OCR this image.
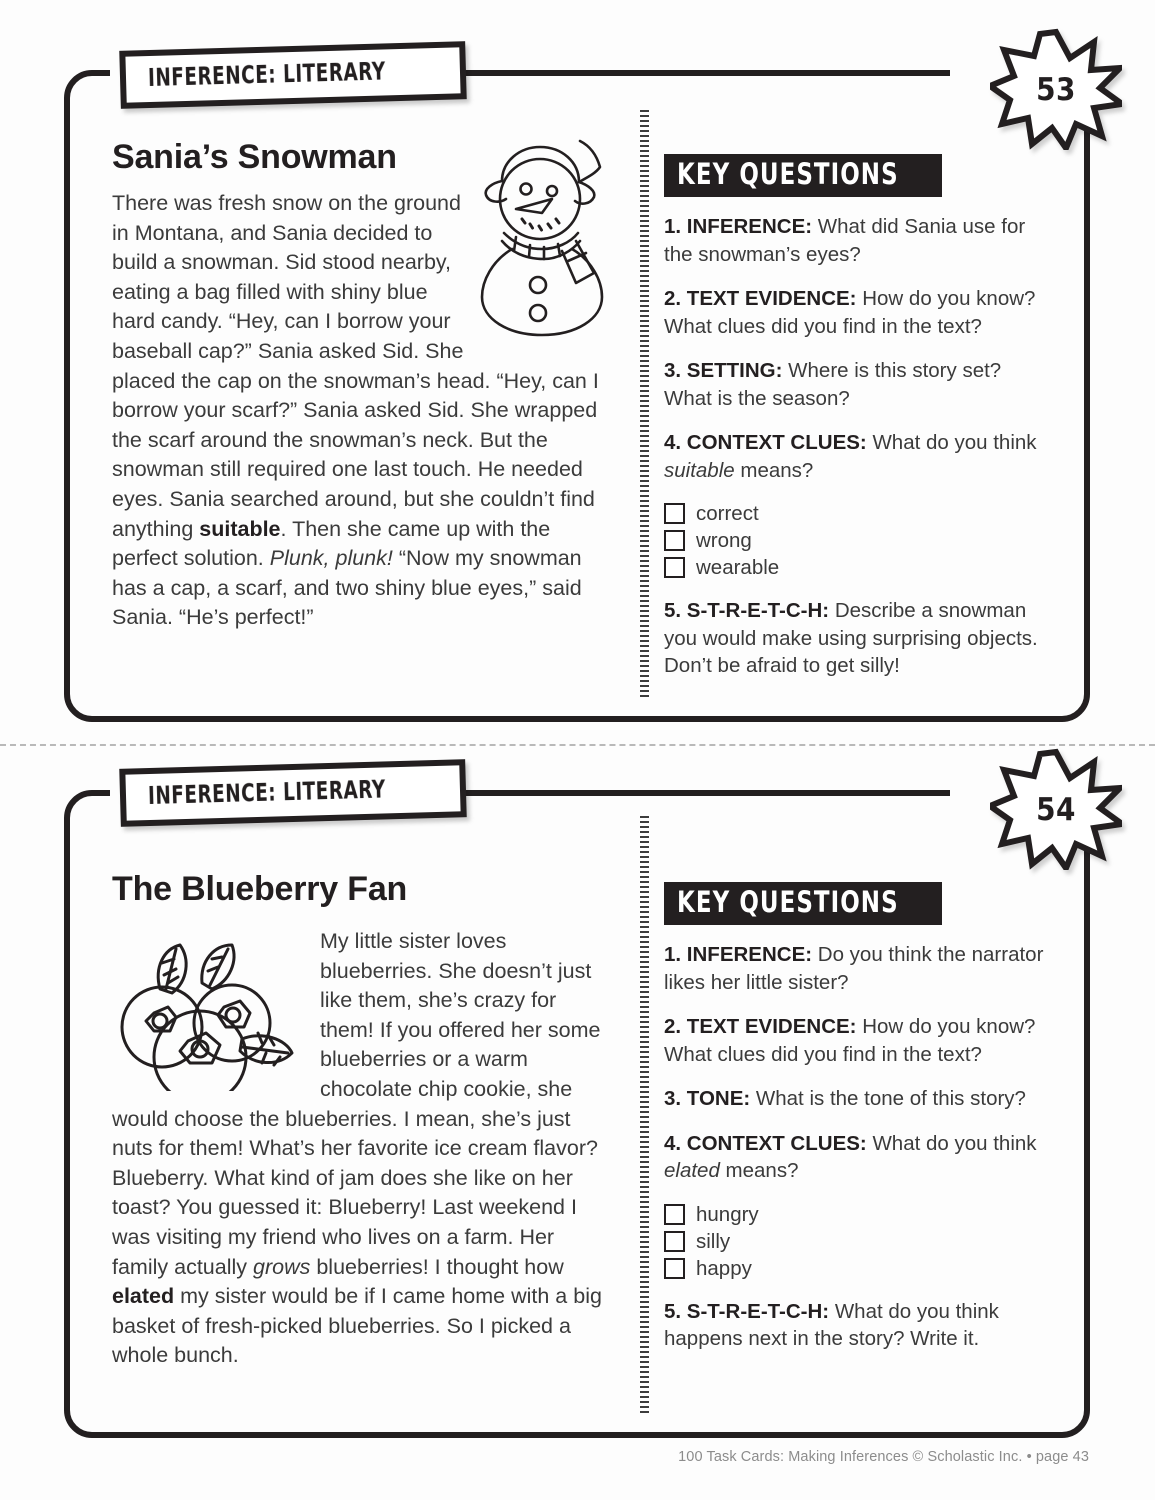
INFERENCE: LITERARY	53
Sania’s Snowman

There was fresh snow on the ground in Montana, and Sania decided to build a snowman. Sid stood nearby, eating a bag filled with shiny blue hard candy. “Hey, can I borrow your baseball cap?” Sania asked Sid. She placed the cap on the snowman’s head. “Hey, can I borrow your scarf?” Sania asked Sid. She wrapped the scarf around the snowman’s neck. But the snowman still required one last touch. He needed eyes. Sania searched around, but she couldn’t find anything suitable. Then she came up with the perfect solution. Plunk, plunk! “Now my snowman has a cap, a scarf, and two shiny blue eyes,” said Sania. “He’s perfect!”

KEY QUESTIONS

1. INFERENCE: What did Sania use for the snowman’s eyes?

2. TEXT EVIDENCE: How do you know? What clues did you find in the text?

3. SETTING: Where is this story set? What is the season?

4. CONTEXT CLUES: What do you think suitable means?

correct
wrong
wearable

5. S-T-R-E-T-C-H: Describe a snowman you would make using surprising objects. Don’t be afraid to get silly!

INFERENCE: LITERARY	54
The Blueberry Fan

My little sister loves blueberries. She doesn’t just like them, she’s crazy for them! If you offered her some blueberries or a warm chocolate chip cookie, she would choose the blueberries. I mean, she’s just nuts for them! What’s her favorite ice cream flavor? Blueberry. What kind of jam does she like on her toast? You guessed it: Blueberry! Last weekend I was visiting my friend who lives on a farm. Her family actually grows blueberries! I thought how elated my sister would be if I came home with a big basket of fresh-picked blueberries. So I picked a whole bunch.

KEY QUESTIONS

1. INFERENCE: Do you think the narrator likes her little sister?

2. TEXT EVIDENCE: How do you know? What clues did you find in the text?

3. TONE: What is the tone of this story?

4. CONTEXT CLUES: What do you think elated means?

hungry
silly
happy

5. S-T-R-E-T-C-H: What do you think happens next in the story? Write it.

100 Task Cards: Making Inferences © Scholastic Inc. • page 43
